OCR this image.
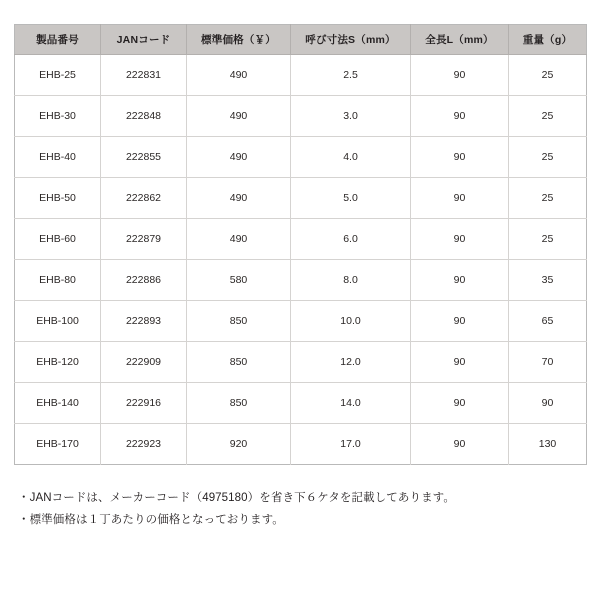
製品番号	JANコード	標準価格（￥）	呼び寸法S（mm）	全長L（mm）	重量（g）
EHB-25	222831	490	2.5	90	25
EHB-30	222848	490	3.0	90	25
EHB-40	222855	490	4.0	90	25
EHB-50	222862	490	5.0	90	25
EHB-60	222879	490	6.0	90	25
EHB-80	222886	580	8.0	90	35
EHB-100	222893	850	10.0	90	65
EHB-120	222909	850	12.0	90	70
EHB-140	222916	850	14.0	90	90
EHB-170	222923	920	17.0	90	130
・JANコードは、メーカーコード（4975180）を省き下６ケタを記載してあります。
・標準価格は１丁あたりの価格となっております。
